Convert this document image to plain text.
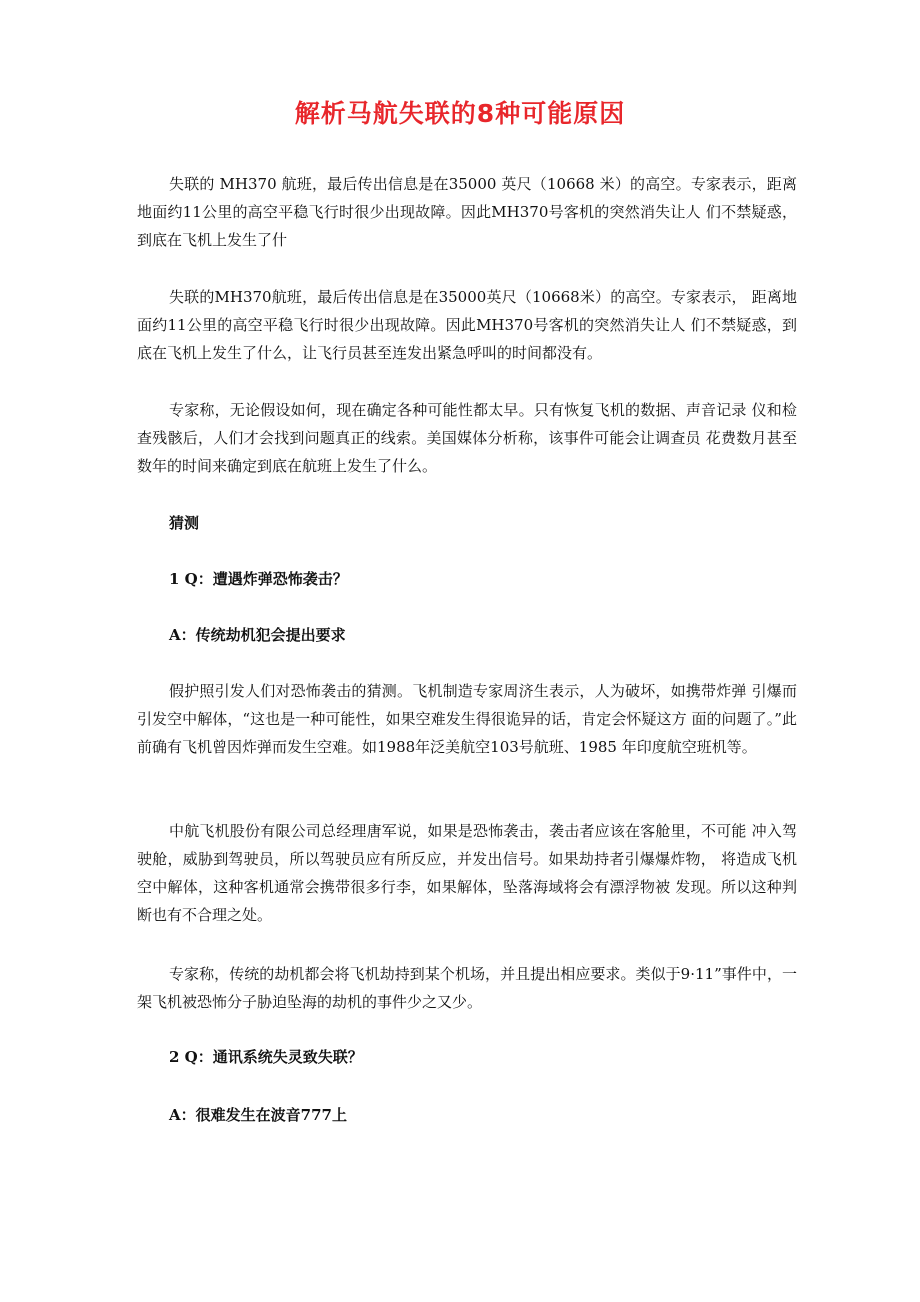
解析马航失联的8种可能原因

失联的 MH370 航班，最后传出信息是在35000 英尺（10668 米）的高空。专家表示，距离地面约11公里的高空平稳飞行时很少出现故障。因此MH370号客机的突然消失让人 们不禁疑惑，到底在飞机上发生了什

失联的MH370航班，最后传出信息是在35000英尺（10668米）的高空。专家表示， 距离地面约11公里的高空平稳飞行时很少出现故障。因此MH370号客机的突然消失让人 们不禁疑惑，到底在飞机上发生了什么，让飞行员甚至连发出紧急呼叫的时间都没有。

专家称，无论假设如何，现在确定各种可能性都太早。只有恢复飞机的数据、声音记录 仪和检查残骸后，人们才会找到问题真正的线索。美国媒体分析称，该事件可能会让调查员 花费数月甚至数年的时间来确定到底在航班上发生了什么。

猜测

1 Q：遭遇炸弹恐怖袭击？

A：传统劫机犯会提出要求

假护照引发人们对恐怖袭击的猜测。飞机制造专家周济生表示，人为破坏，如携带炸弹 引爆而引发空中解体，“这也是一种可能性，如果空难发生得很诡异的话，肯定会怀疑这方 面的问题了。”此前确有飞机曾因炸弹而发生空难。如1988年泛美航空103号航班、1985 年印度航空班机等。

中航飞机股份有限公司总经理唐军说，如果是恐怖袭击，袭击者应该在客舱里，不可能 冲入驾驶舱，威胁到驾驶员，所以驾驶员应有所反应，并发出信号。如果劫持者引爆爆炸物， 将造成飞机空中解体，这种客机通常会携带很多行李，如果解体，坠落海域将会有漂浮物被 发现。所以这种判断也有不合理之处。

专家称，传统的劫机都会将飞机劫持到某个机场，并且提出相应要求。类似于9·11”事件中，一架飞机被恐怖分子胁迫坠海的劫机的事件少之又少。

2 Q：通讯系统失灵致失联？

A：很难发生在波音777上
